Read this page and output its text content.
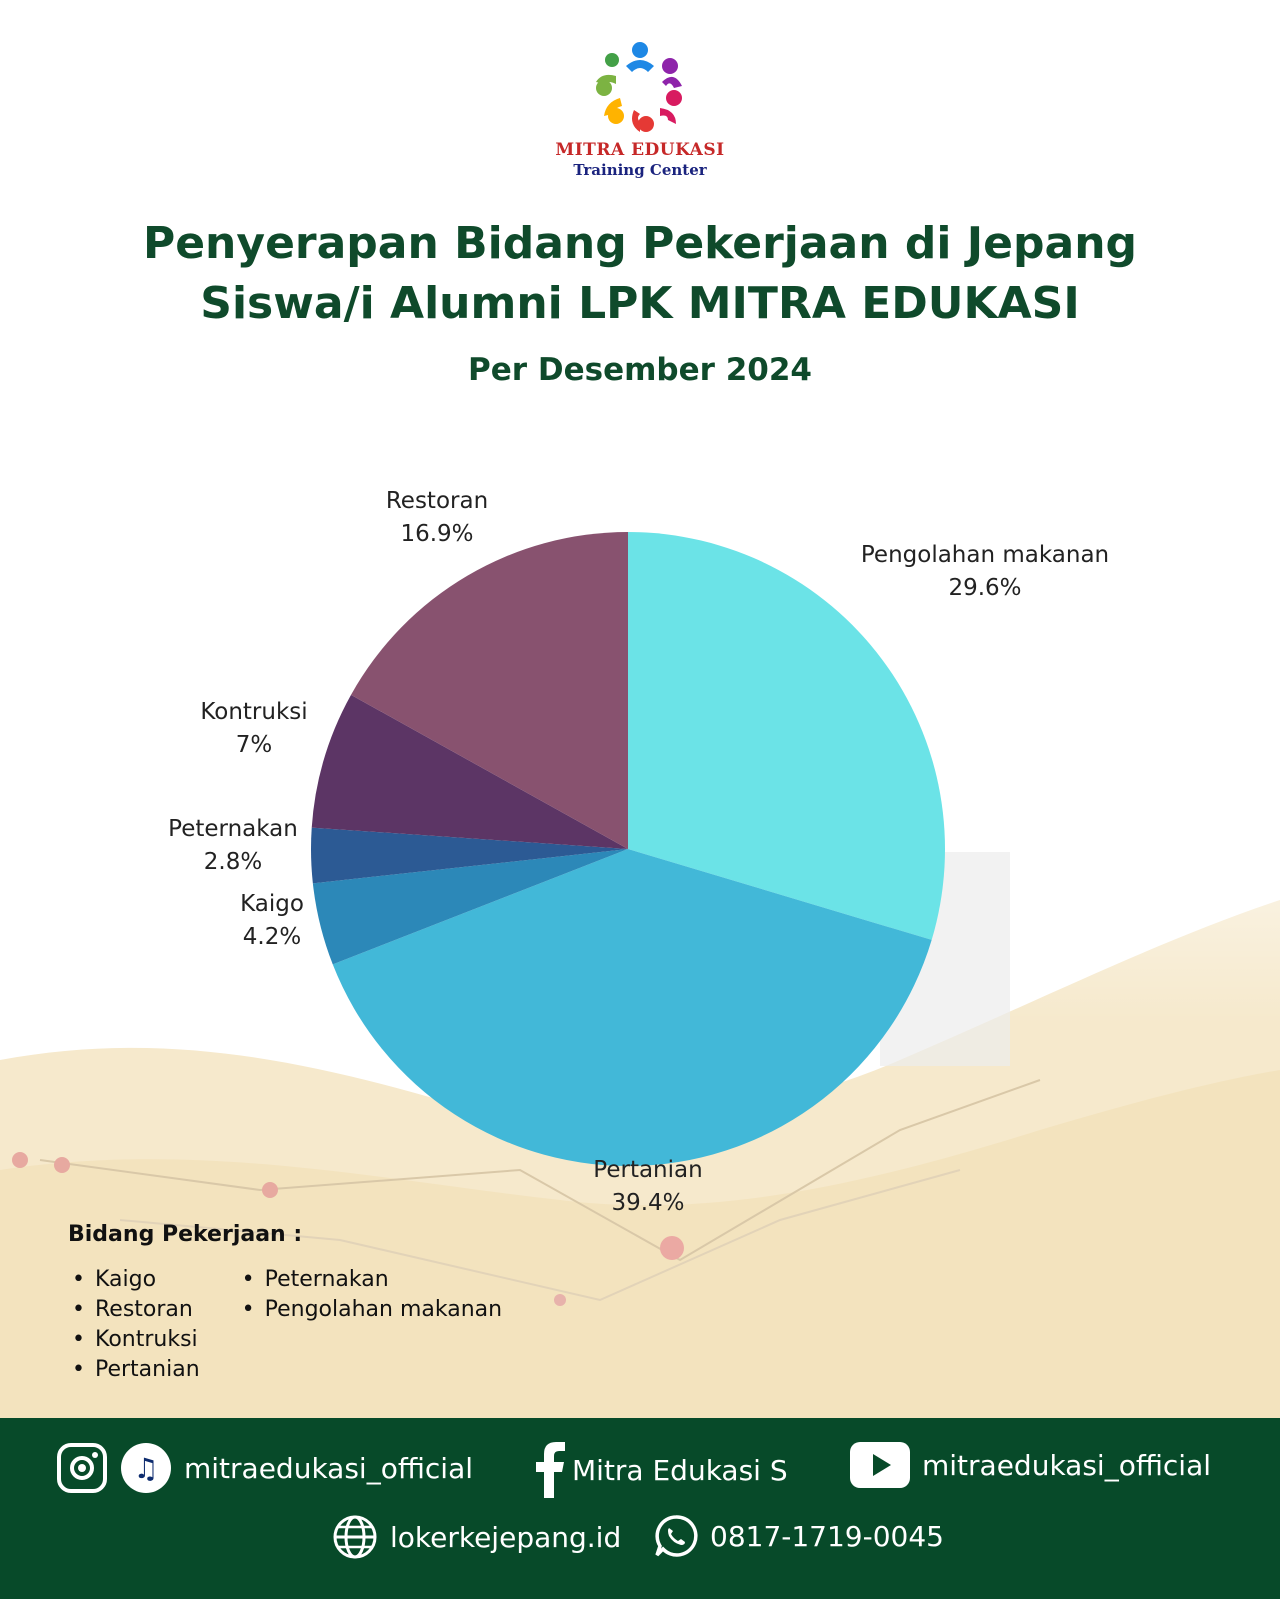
MITRA EDUKASI
Training Center
Penyerapan Bidang Pekerjaan di Jepang
Siswa/i Alumni LPK MITRA EDUKASI
Per Desember 2024
Pengolahan makanan
29.6%
Pertanian
39.4%
Kaigo
4.2%
Peternakan
2.8%
Kontruksi
7%
Restoran
16.9%
Bidang Pekerjaan :
• Kaigo
• Restoran
• Kontruksi
• Pertanian
• Peternakan
• Pengolahan makanan
♫ mitraedukasi_official	Mitra Edukasi S	mitraedukasi_official
lokerkejepang.id	0817-1719-0045
